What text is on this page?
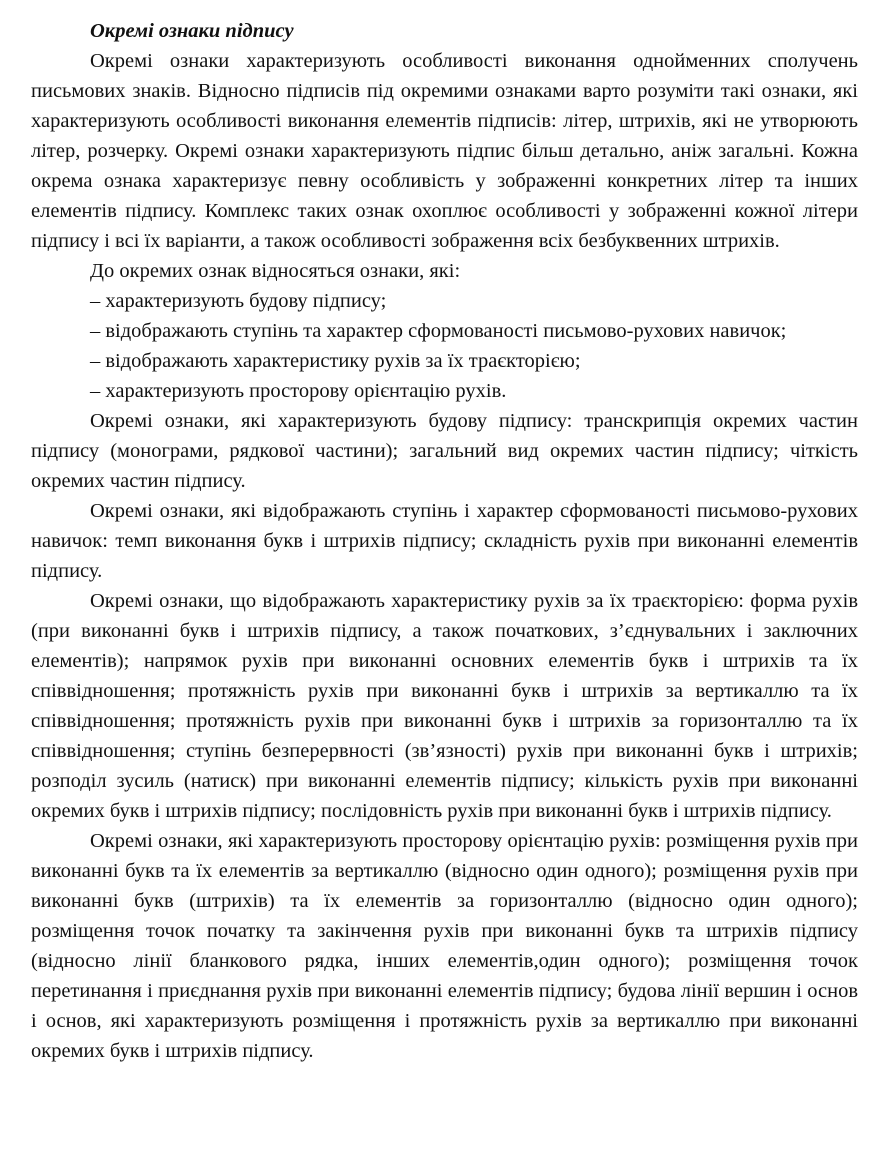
Окремі ознаки підпису

Окремі ознаки характеризують особливості виконання однойменних сполучень письмових знаків. Відносно підписів під окремими ознаками варто розуміти такі ознаки, які характеризують особливості виконання елементів підписів: літер, штрихів, які не утворюють літер, розчерку. Окремі ознаки характеризують підпис більш детально, аніж загальні. Кожна окрема ознака характеризує певну особливість у зображенні конкретних літер та інших елементів підпису. Комплекс таких ознак охоплює особливості у зображенні кожної літери підпису і всі їх варіанти, а також особливості зображення всіх безбуквенних штрихів.

До окремих ознак відносяться ознаки, які:

– характеризують будову підпису;

– відображають ступінь та характер сформованості письмово-рухових навичок;

– відображають характеристику рухів за їх траєкторією;

– характеризують просторову орієнтацію рухів.

Окремі ознаки, які характеризують будову підпису: транскрипція окремих частин підпису (монограми, рядкової частини); загальний вид окремих частин підпису; чіткість окремих частин підпису.

Окремі ознаки, які відображають ступінь і характер сформованості письмово-рухових навичок: темп виконання букв і штрихів підпису; складність рухів при виконанні елементів підпису.

Окремі ознаки, що відображають характеристику рухів за їх траєкторією: форма рухів (при виконанні букв і штрихів підпису, а також початкових, з’єднувальних і заключних елементів); напрямок рухів при виконанні основних елементів букв і штрихів та їх співвідношення; протяжність рухів при виконанні букв і штрихів за вертикаллю та їх співвідношення; протяжність рухів при виконанні букв і штрихів за горизонталлю та їх співвідношення; ступінь безперервності (зв’язності) рухів при виконанні букв і штрихів; розподіл зусиль (натиск) при виконанні елементів підпису; кількість рухів при виконанні окремих букв і штрихів підпису; послідовність рухів при виконанні букв і штрихів підпису.

Окремі ознаки, які характеризують просторову орієнтацію рухів: розміщення рухів при виконанні букв та їх елементів за вертикаллю (відносно один одного); розміщення рухів при виконанні букв (штрихів) та їх елементів за горизонталлю (відносно один одного); розміщення точок початку та закінчення рухів при виконанні букв та штрихів підпису (відносно лінії бланкового рядка, інших елементів,один одного); розміщення точок перетинання і приєднання рухів при виконанні елементів підпису; будова лінії вершин і основ і основ, які характеризують розміщення і протяжність рухів за вертикаллю при виконанні окремих букв і штрихів підпису.
